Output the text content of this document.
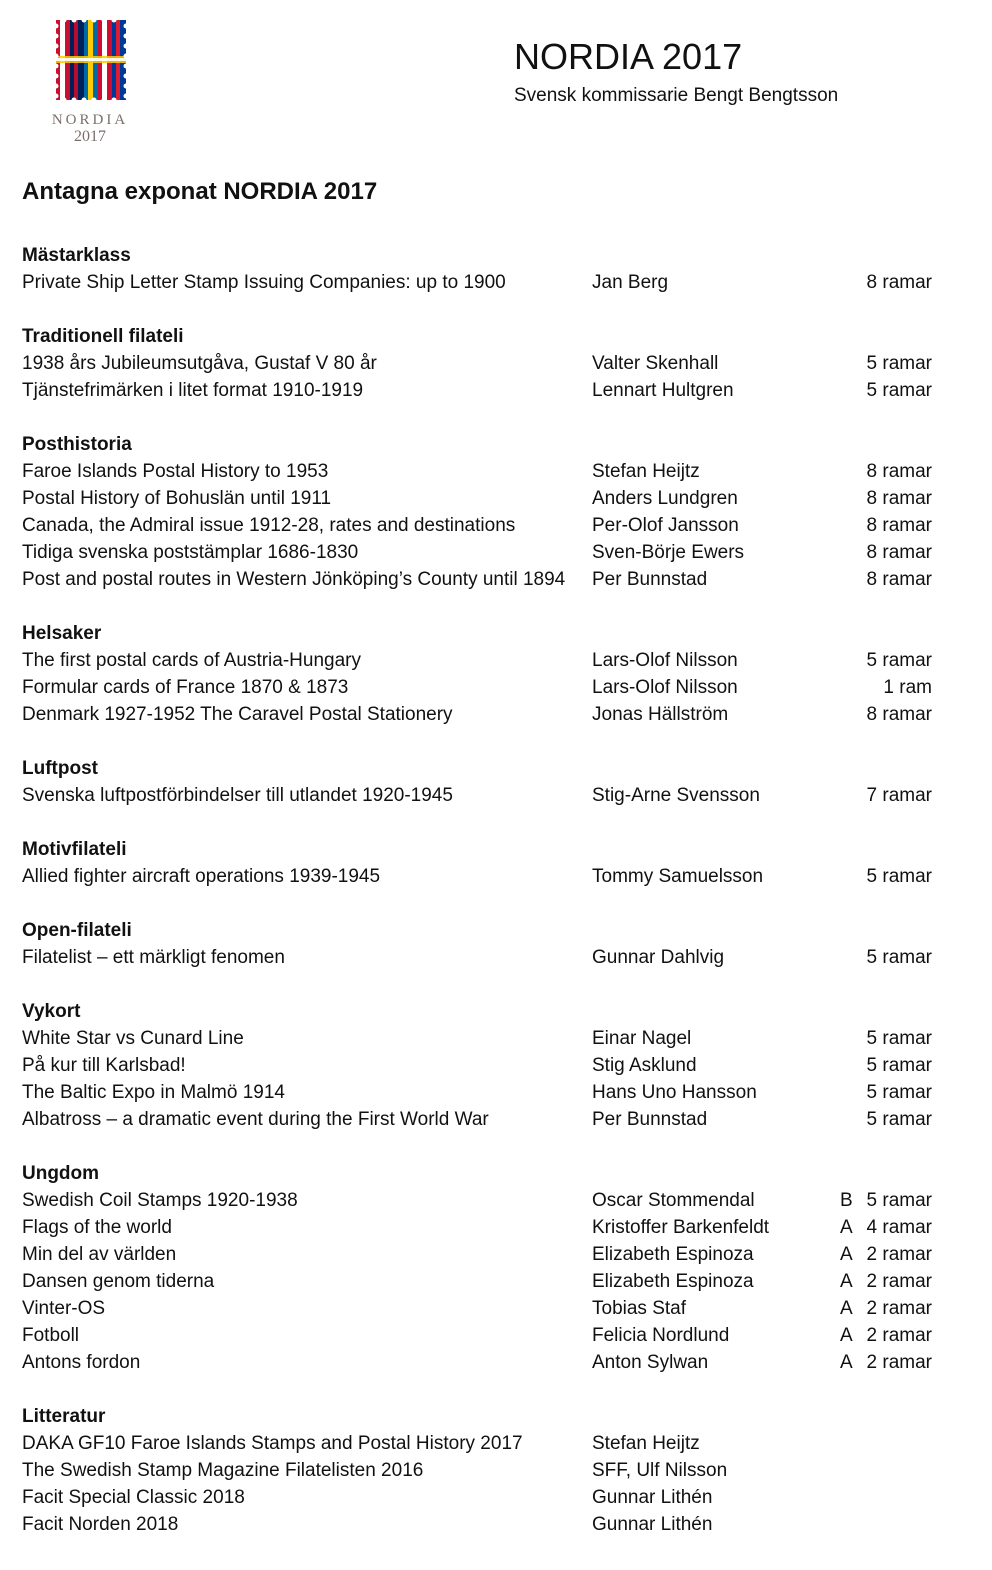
NORDIA
2017
NORDIA 2017
Svensk kommissarie Bengt Bengtsson
Antagna exponat NORDIA 2017
Mästarklass
Private Ship Letter Stamp Issuing Companies: up to 1900	Jan Berg	8 ramar
Traditionell filateli
1938 års Jubileumsutgåva, Gustaf V 80 år	Valter Skenhall	5 ramar
Tjänstefrimärken i litet format 1910-1919	Lennart Hultgren	5 ramar
Posthistoria
Faroe Islands Postal History to 1953	Stefan Heijtz	8 ramar
Postal History of Bohuslän until 1911	Anders Lundgren	8 ramar
Canada, the Admiral issue 1912-28, rates and destinations	Per-Olof Jansson	8 ramar
Tidiga svenska poststämplar 1686-1830	Sven-Börje Ewers	8 ramar
Post and postal routes in Western Jönköping’s County until 1894	Per Bunnstad	8 ramar
Helsaker
The first postal cards of Austria-Hungary	Lars-Olof Nilsson	5 ramar
Formular cards of France 1870 & 1873	Lars-Olof Nilsson	1 ram
Denmark 1927-1952 The Caravel Postal Stationery	Jonas Hällström	8 ramar
Luftpost
Svenska luftpostförbindelser till utlandet 1920-1945	Stig-Arne Svensson	7 ramar
Motivfilateli
Allied fighter aircraft operations 1939-1945	Tommy Samuelsson	5 ramar
Open-filateli
Filatelist – ett märkligt fenomen	Gunnar Dahlvig	5 ramar
Vykort
White Star vs Cunard Line	Einar Nagel	5 ramar
På kur till Karlsbad!	Stig Asklund	5 ramar
The Baltic Expo in Malmö 1914	Hans Uno Hansson	5 ramar
Albatross – a dramatic event during the First World War	Per Bunnstad	5 ramar
Ungdom
Swedish Coil Stamps 1920-1938	Oscar Stommendal	B 5 ramar
Flags of the world	Kristoffer Barkenfeldt	A 4 ramar
Min del av världen	Elizabeth Espinoza	A 2 ramar
Dansen genom tiderna	Elizabeth Espinoza	A 2 ramar
Vinter-OS	Tobias Staf	A 2 ramar
Fotboll	Felicia Nordlund	A 2 ramar
Antons fordon	Anton Sylwan	A 2 ramar
Litteratur
DAKA GF10 Faroe Islands Stamps and Postal History 2017	Stefan Heijtz
The Swedish Stamp Magazine Filatelisten 2016	SFF, Ulf Nilsson
Facit Special Classic 2018	Gunnar Lithén
Facit Norden 2018	Gunnar Lithén
